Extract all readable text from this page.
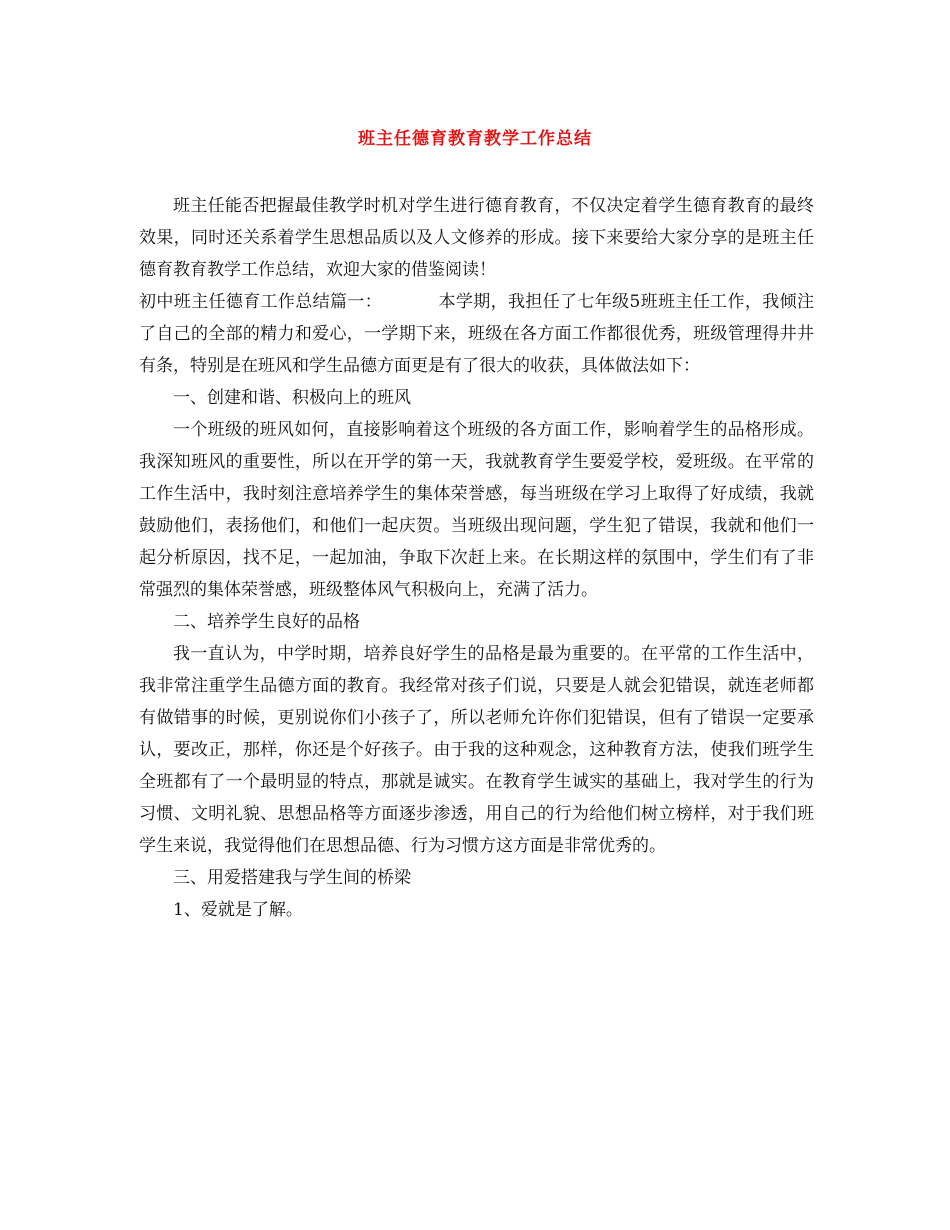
班主任德育教育教学工作总结

班主任能否把握最佳教学时机对学生进行德育教育，不仅决定着学生德育教育的最终效果，同时还关系着学生思想品质以及人文修养的形成。接下来要给大家分享的是班主任德育教育教学工作总结，欢迎大家的借鉴阅读！

初中班主任德育工作总结篇一：	本学期，我担任了七年级5班班主任工作，我倾注了自己的全部的精力和爱心，一学期下来，班级在各方面工作都很优秀，班级管理得井井有条，特别是在班风和学生品德方面更是有了很大的收获，具体做法如下：

一、创建和谐、积极向上的班风

一个班级的班风如何，直接影响着这个班级的各方面工作，影响着学生的品格形成。我深知班风的重要性，所以在开学的第一天，我就教育学生要爱学校，爱班级。在平常的工作生活中，我时刻注意培养学生的集体荣誉感，每当班级在学习上取得了好成绩，我就鼓励他们，表扬他们，和他们一起庆贺。当班级出现问题，学生犯了错误，我就和他们一起分析原因，找不足，一起加油，争取下次赶上来。在长期这样的氛围中，学生们有了非常强烈的集体荣誉感，班级整体风气积极向上，充满了活力。

二、培养学生良好的品格

我一直认为，中学时期，培养良好学生的品格是最为重要的。在平常的工作生活中，我非常注重学生品德方面的教育。我经常对孩子们说，只要是人就会犯错误，就连老师都有做错事的时候，更别说你们小孩子了，所以老师允许你们犯错误，但有了错误一定要承认，要改正，那样，你还是个好孩子。由于我的这种观念，这种教育方法，使我们班学生全班都有了一个最明显的特点，那就是诚实。在教育学生诚实的基础上，我对学生的行为习惯、文明礼貌、思想品格等方面逐步渗透，用自己的行为给他们树立榜样，对于我们班学生来说，我觉得他们在思想品德、行为习惯方这方面是非常优秀的。

三、用爱搭建我与学生间的桥梁

1、爱就是了解。
